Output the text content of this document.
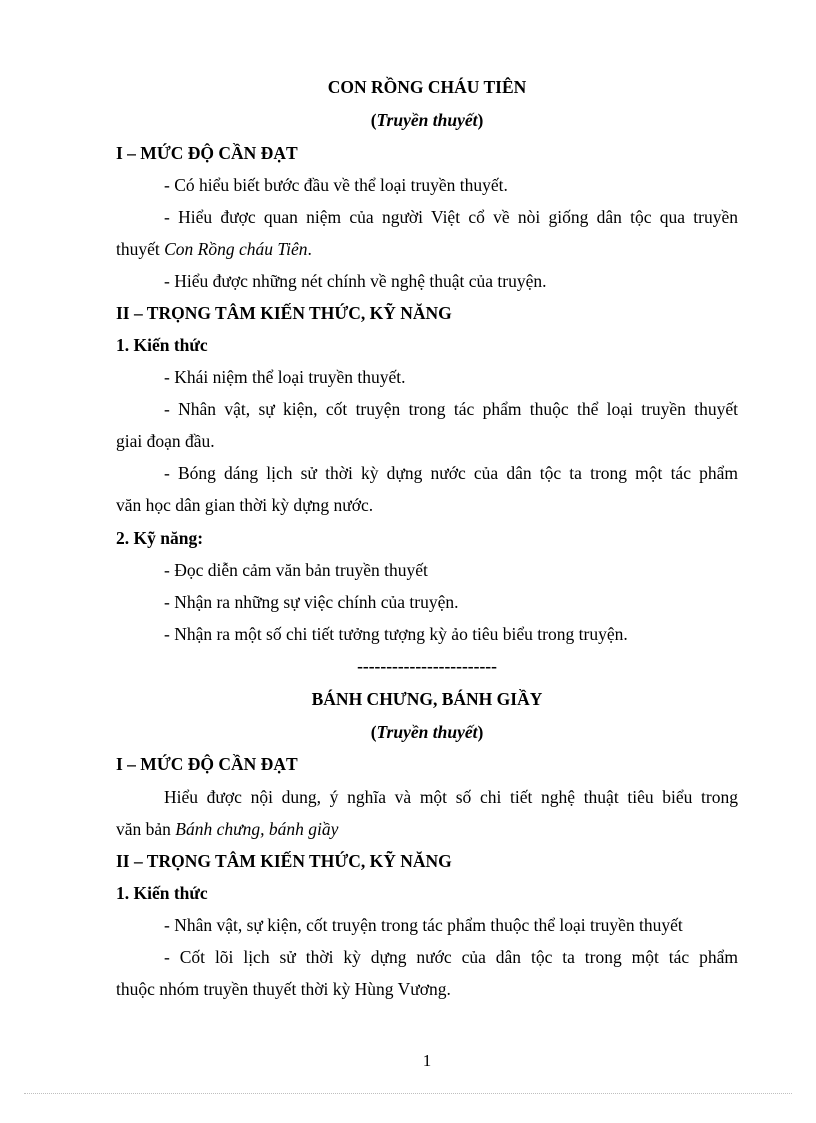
CON RỒNG CHÁU TIÊN
(Truyền thuyết)
I – MỨC ĐỘ CẦN ĐẠT
- Có hiểu biết bước đầu về thể loại truyền thuyết.
- Hiểu được quan niệm của người Việt cổ về nòi giống dân tộc qua truyền
thuyết Con Rồng cháu Tiên.
- Hiểu được những nét chính về nghệ thuật của truyện.
II – TRỌNG TÂM KIẾN THỨC, KỸ NĂNG
1. Kiến thức
- Khái niệm thể loại truyền thuyết.
- Nhân vật, sự kiện, cốt truyện trong tác phẩm thuộc thể loại truyền thuyết
giai đoạn đầu.
- Bóng dáng lịch sử thời kỳ dựng nước của dân tộc ta trong một tác phẩm
văn học dân gian thời kỳ dựng nước.
2. Kỹ năng:
- Đọc diễn cảm văn bản truyền thuyết
- Nhận ra những sự việc chính của truyện.
- Nhận ra một số chi tiết tưởng tượng kỳ ảo tiêu biểu trong truyện.
------------------------
BÁNH CHƯNG, BÁNH GIẦY
(Truyền thuyết)
I – MỨC ĐỘ CẦN ĐẠT
Hiểu được nội dung, ý nghĩa và một số chi tiết nghệ thuật tiêu biểu trong
văn bản Bánh chưng, bánh giầy
II – TRỌNG TÂM KIẾN THỨC, KỸ NĂNG
1. Kiến thức
- Nhân vật, sự kiện, cốt truyện trong tác phẩm thuộc thể loại truyền thuyết
- Cốt lõi lịch sử thời kỳ dựng nước của dân tộc ta trong một tác phẩm
thuộc nhóm truyền thuyết thời kỳ Hùng Vương.
1
